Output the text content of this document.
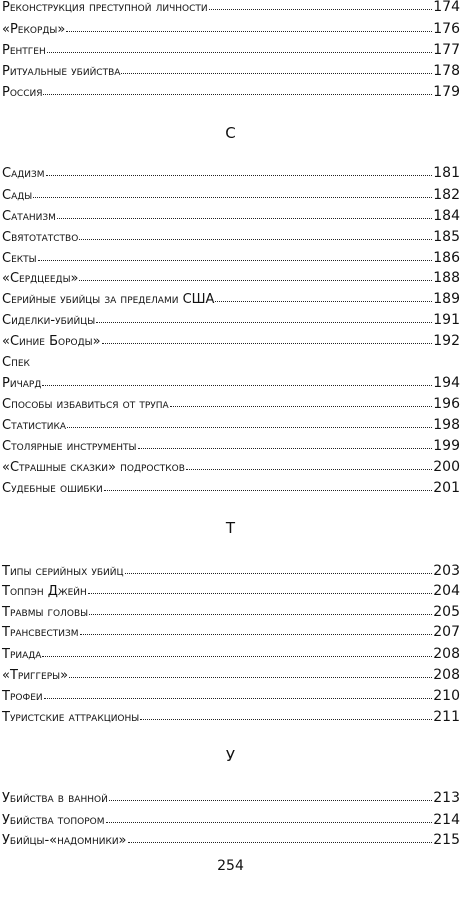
Реконструкция преступной личности	174
«Рекорды»	176
Рентген	177
Ритуальные убийства	178
Россия	179
С
Садизм	181
Сады	182
Сатанизм	184
Святотатство	185
Секты	186
«Сердцееды»	188
Серийные убийцы за пределами США	189
Сиделки-убийцы	191
«Синие Бороды»	192
Спек
Ричард	194
Способы избавиться от трупа	196
Статистика	198
Столярные инструменты	199
«Страшные сказки» подростков	200
Судебные ошибки	201
Т
Типы серийных убийц	203
Топпэн Джейн	204
Травмы головы	205
Трансвестизм	207
Триада	208
«Триггеры»	208
Трофеи	210
Туристские аттракционы	211
У
Убийства в ванной	213
Убийства топором	214
Убийцы-«надомники»	215
254
